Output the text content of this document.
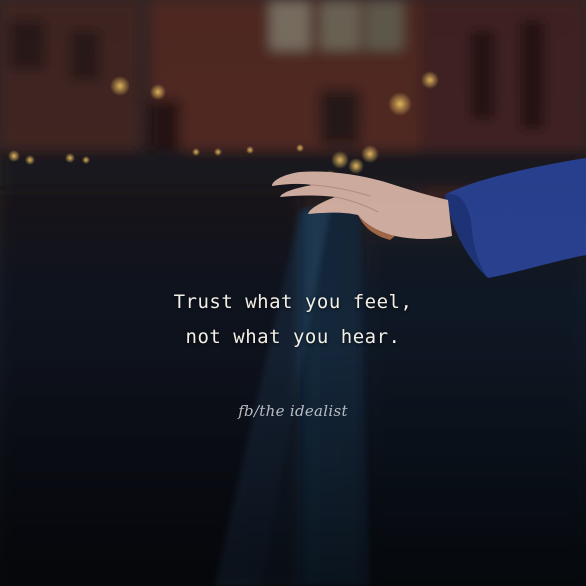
Trust what you feel,
not what you hear.
fb/the idealist
